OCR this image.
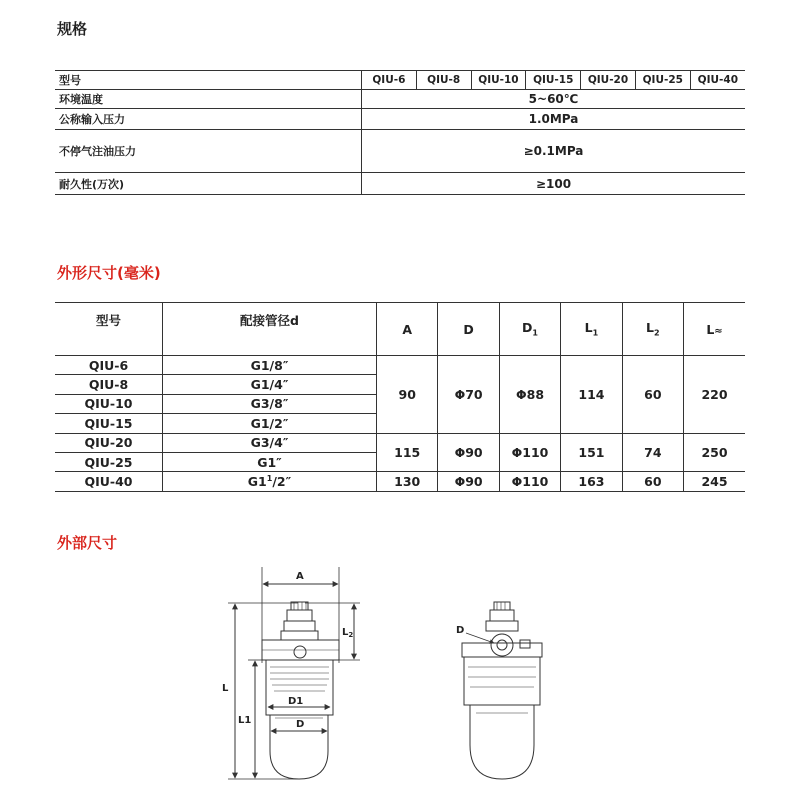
规格
型号	QIU-6	QIU-8	QIU-10	QIU-15	QIU-20	QIU-25	QIU-40
环境温度	5~60℃						
公称输入压力	1.0MPa						
不停气注油压力	≥0.1MPa						
耐久性(万次)	≥100						
外形尺寸(毫米)
型号	配接管径d	A	D	$D_1$	$L_1$	$L_2$	L≈
QIU-6	G1/8″	90	Φ70	Φ88	114	60	220
QIU-8	G1/4″						
QIU-10	G3/8″						
QIU-15	G1/2″						
QIU-20	G3/4″	115	Φ90	Φ110	151	74	250
QIU-25	G1″						
QIU-40	$G1^1/2''$	130	Φ90	Φ110	163	60	245
外部尺寸
A
$L_2$
L
L1
D1
D
D
